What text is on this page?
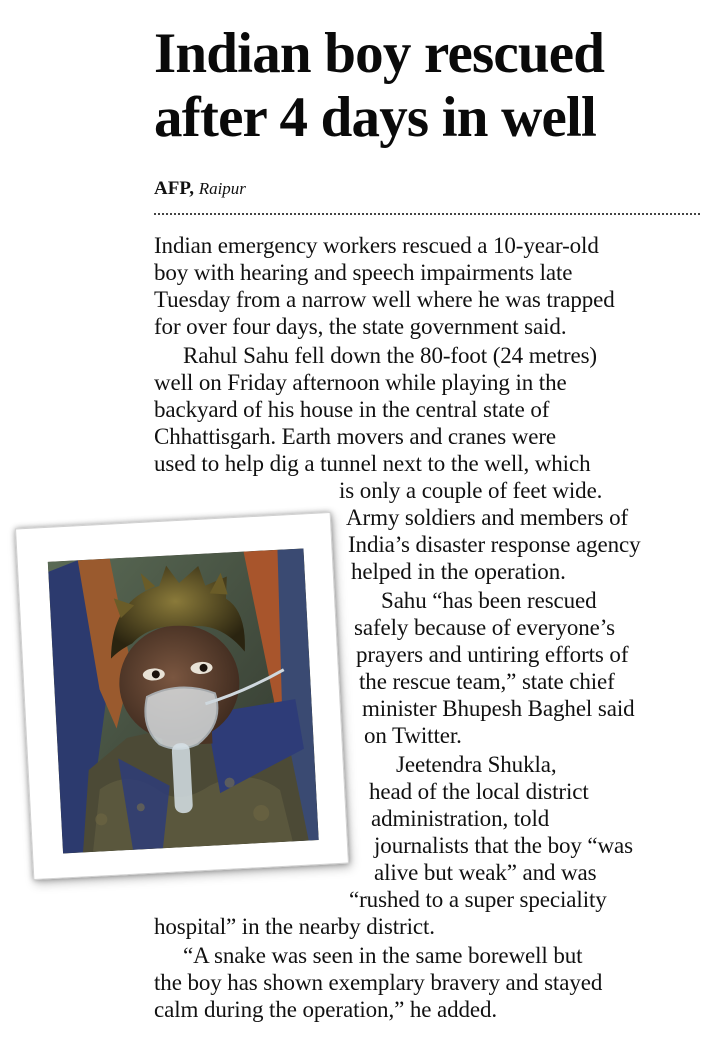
Indian boy rescued
after 4 days in well
AFP, Raipur
Indian emergency workers rescued a 10-year-old
boy with hearing and speech impairments late
Tuesday from a narrow well where he was trapped
for over four days, the state government said.
Rahul Sahu fell down the 80-foot (24 metres)
well on Friday afternoon while playing in the
backyard of his house in the central state of
Chhattisgarh. Earth movers and cranes were
used to help dig a tunnel next to the well, which
is only a couple of feet wide.
Army soldiers and members of
India’s disaster response agency
helped in the operation.
Sahu “has been rescued
safely because of everyone’s
prayers and untiring efforts of
the rescue team,” state chief
minister Bhupesh Baghel said
on Twitter.
Jeetendra Shukla,
head of the local district
administration, told
journalists that the boy “was
alive but weak” and was
“rushed to a super speciality
hospital” in the nearby district.
“A snake was seen in the same borewell but
the boy has shown exemplary bravery and stayed
calm during the operation,” he added.
